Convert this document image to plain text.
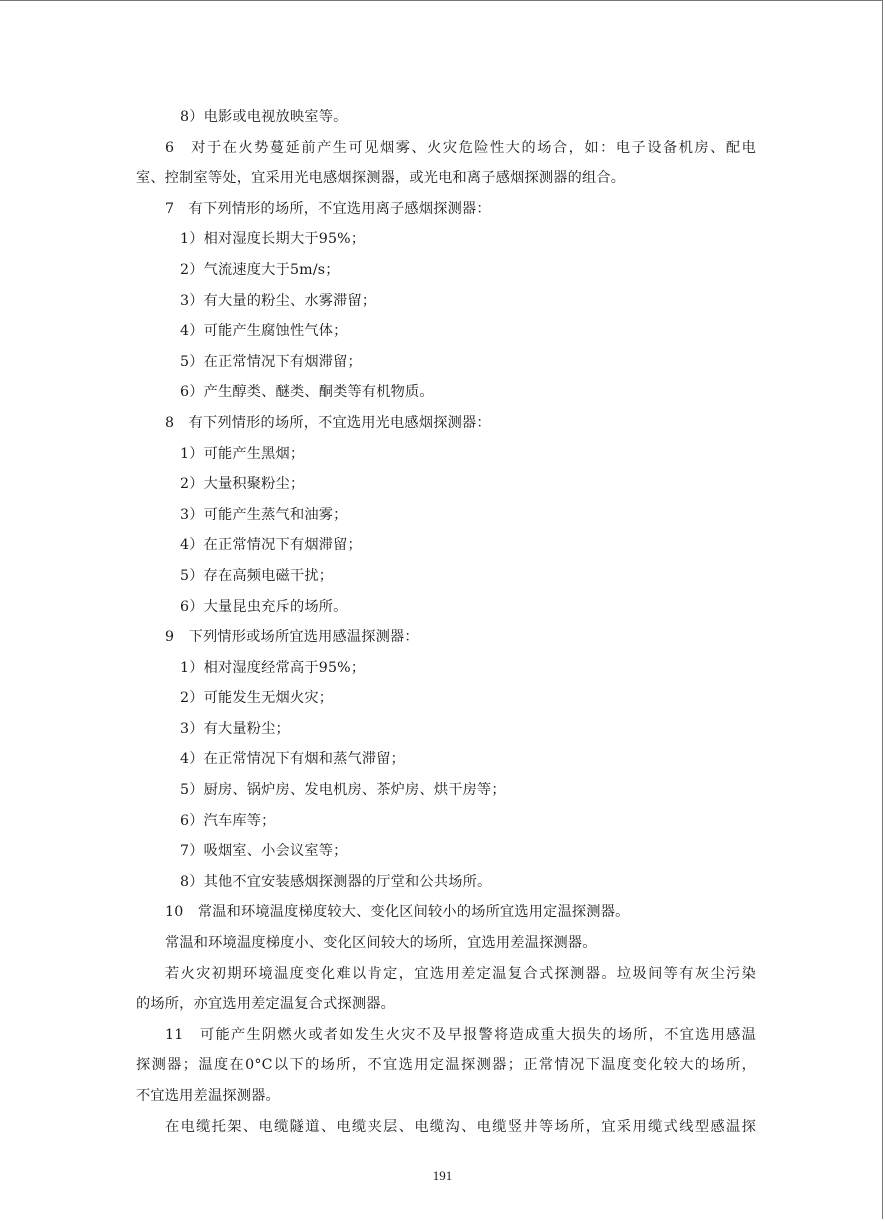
8）电影或电视放映室等。
6　对于在火势蔓延前产生可见烟雾、火灾危险性大的场合，如：电子设备机房、配电
室、控制室等处，宜采用光电感烟探测器，或光电和离子感烟探测器的组合。
7　有下列情形的场所，不宜选用离子感烟探测器：
1）相对湿度长期大于95%；
2）气流速度大于5m/s；
3）有大量的粉尘、水雾滞留；
4）可能产生腐蚀性气体；
5）在正常情况下有烟滞留；
6）产生醇类、醚类、酮类等有机物质。
8　有下列情形的场所，不宜选用光电感烟探测器：
1）可能产生黑烟；
2）大量积聚粉尘；
3）可能产生蒸气和油雾；
4）在正常情况下有烟滞留；
5）存在高频电磁干扰；
6）大量昆虫充斥的场所。
9　下列情形或场所宜选用感温探测器：
1）相对湿度经常高于95%；
2）可能发生无烟火灾；
3）有大量粉尘；
4）在正常情况下有烟和蒸气滞留；
5）厨房、锅炉房、发电机房、茶炉房、烘干房等；
6）汽车库等；
7）吸烟室、小会议室等；
8）其他不宜安装感烟探测器的厅堂和公共场所。
10　常温和环境温度梯度较大、变化区间较小的场所宜选用定温探测器。
常温和环境温度梯度小、变化区间较大的场所，宜选用差温探测器。
若火灾初期环境温度变化难以肯定，宜选用差定温复合式探测器。垃圾间等有灰尘污染
的场所，亦宜选用差定温复合式探测器。
11　可能产生阴燃火或者如发生火灾不及早报警将造成重大损失的场所，不宜选用感温
探测器；温度在0°C以下的场所，不宜选用定温探测器；正常情况下温度变化较大的场所，
不宜选用差温探测器。
在电缆托架、电缆隧道、电缆夹层、电缆沟、电缆竖井等场所，宜采用缆式线型感温探
191
